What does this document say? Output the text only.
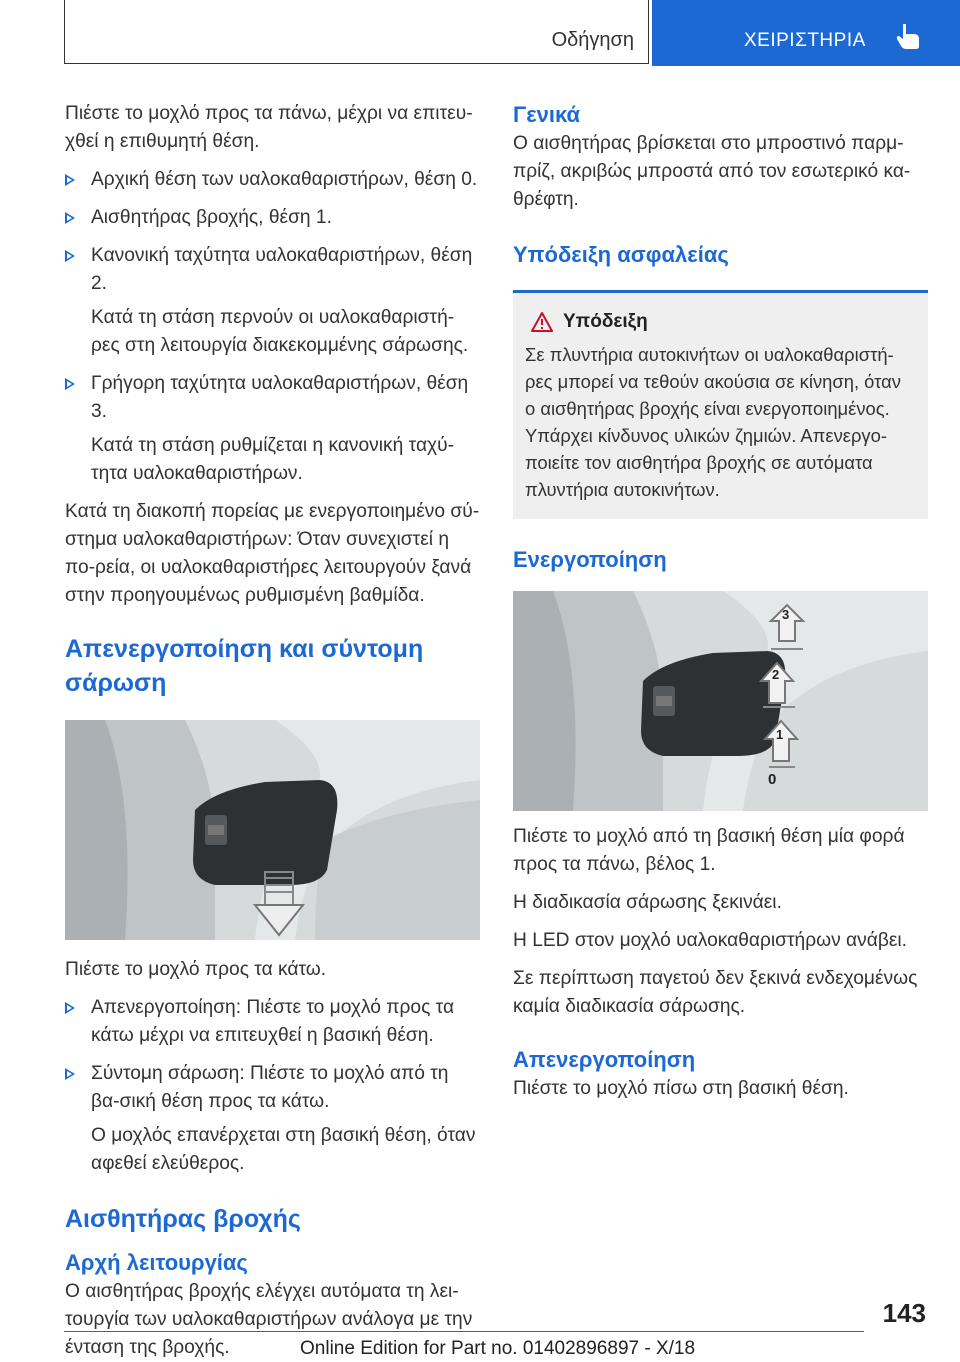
Οδήγηση	ΧΕΙΡΙΣΤΗΡΙΑ

Πιέστε το μοχλό προς τα πάνω, μέχρι να επιτευ-χθεί η επιθυμητή θέση.

Αρχική θέση των υαλοκαθαριστήρων, θέση 0.

Αισθητήρας βροχής, θέση 1.

Κανονική ταχύτητα υαλοκαθαριστήρων, θέση 2.

Κατά τη στάση περνούν οι υαλοκαθαριστή-ρες στη λειτουργία διακεκομμένης σάρωσης.

Γρήγορη ταχύτητα υαλοκαθαριστήρων, θέση 3.

Κατά τη στάση ρυθμίζεται η κανονική ταχύ-τητα υαλοκαθαριστήρων.

Κατά τη διακοπή πορείας με ενεργοποιημένο σύ-στημα υαλοκαθαριστήρων: Όταν συνεχιστεί η πο-ρεία, οι υαλοκαθαριστήρες λειτουργούν ξανά στην προηγουμένως ρυθμισμένη βαθμίδα.

Απενεργοποίηση και σύντομη σάρωση

Πιέστε το μοχλό προς τα κάτω.

Απενεργοποίηση: Πιέστε το μοχλό προς τα κάτω μέχρι να επιτευχθεί η βασική θέση.

Σύντομη σάρωση: Πιέστε το μοχλό από τη βα-σική θέση προς τα κάτω.

Ο μοχλός επανέρχεται στη βασική θέση, όταν αφεθεί ελεύθερος.

Αισθητήρας βροχής
Αρχή λειτουργίας

Ο αισθητήρας βροχής ελέγχει αυτόματα τη λει-τουργία των υαλοκαθαριστήρων ανάλογα με την ένταση της βροχής.

Γενικά

Ο αισθητήρας βρίσκεται στο μπροστινό παρμ-πρίζ, ακριβώς μπροστά από τον εσωτερικό κα-θρέφτη.

Υπόδειξη ασφαλείας
Υπόδειξη

Σε πλυντήρια αυτοκινήτων οι υαλοκαθαριστή-ρες μπορεί να τεθούν ακούσια σε κίνηση, όταν ο αισθητήρας βροχής είναι ενεργοποιημένος. Υπάρχει κίνδυνος υλικών ζημιών. Απενεργο-ποιείτε τον αισθητήρα βροχής σε αυτόματα πλυντήρια αυτοκινήτων.

Ενεργοποίηση
3
2
1
0

Πιέστε το μοχλό από τη βασική θέση μία φορά προς τα πάνω, βέλος 1.

Η διαδικασία σάρωσης ξεκινάει.

Η LED στον μοχλό υαλοκαθαριστήρων ανάβει.

Σε περίπτωση παγετού δεν ξεκινά ενδεχομένως καμία διαδικασία σάρωσης.

Απενεργοποίηση

Πιέστε το μοχλό πίσω στη βασική θέση.

143
Online Edition for Part no. 01402896897 - X/18
